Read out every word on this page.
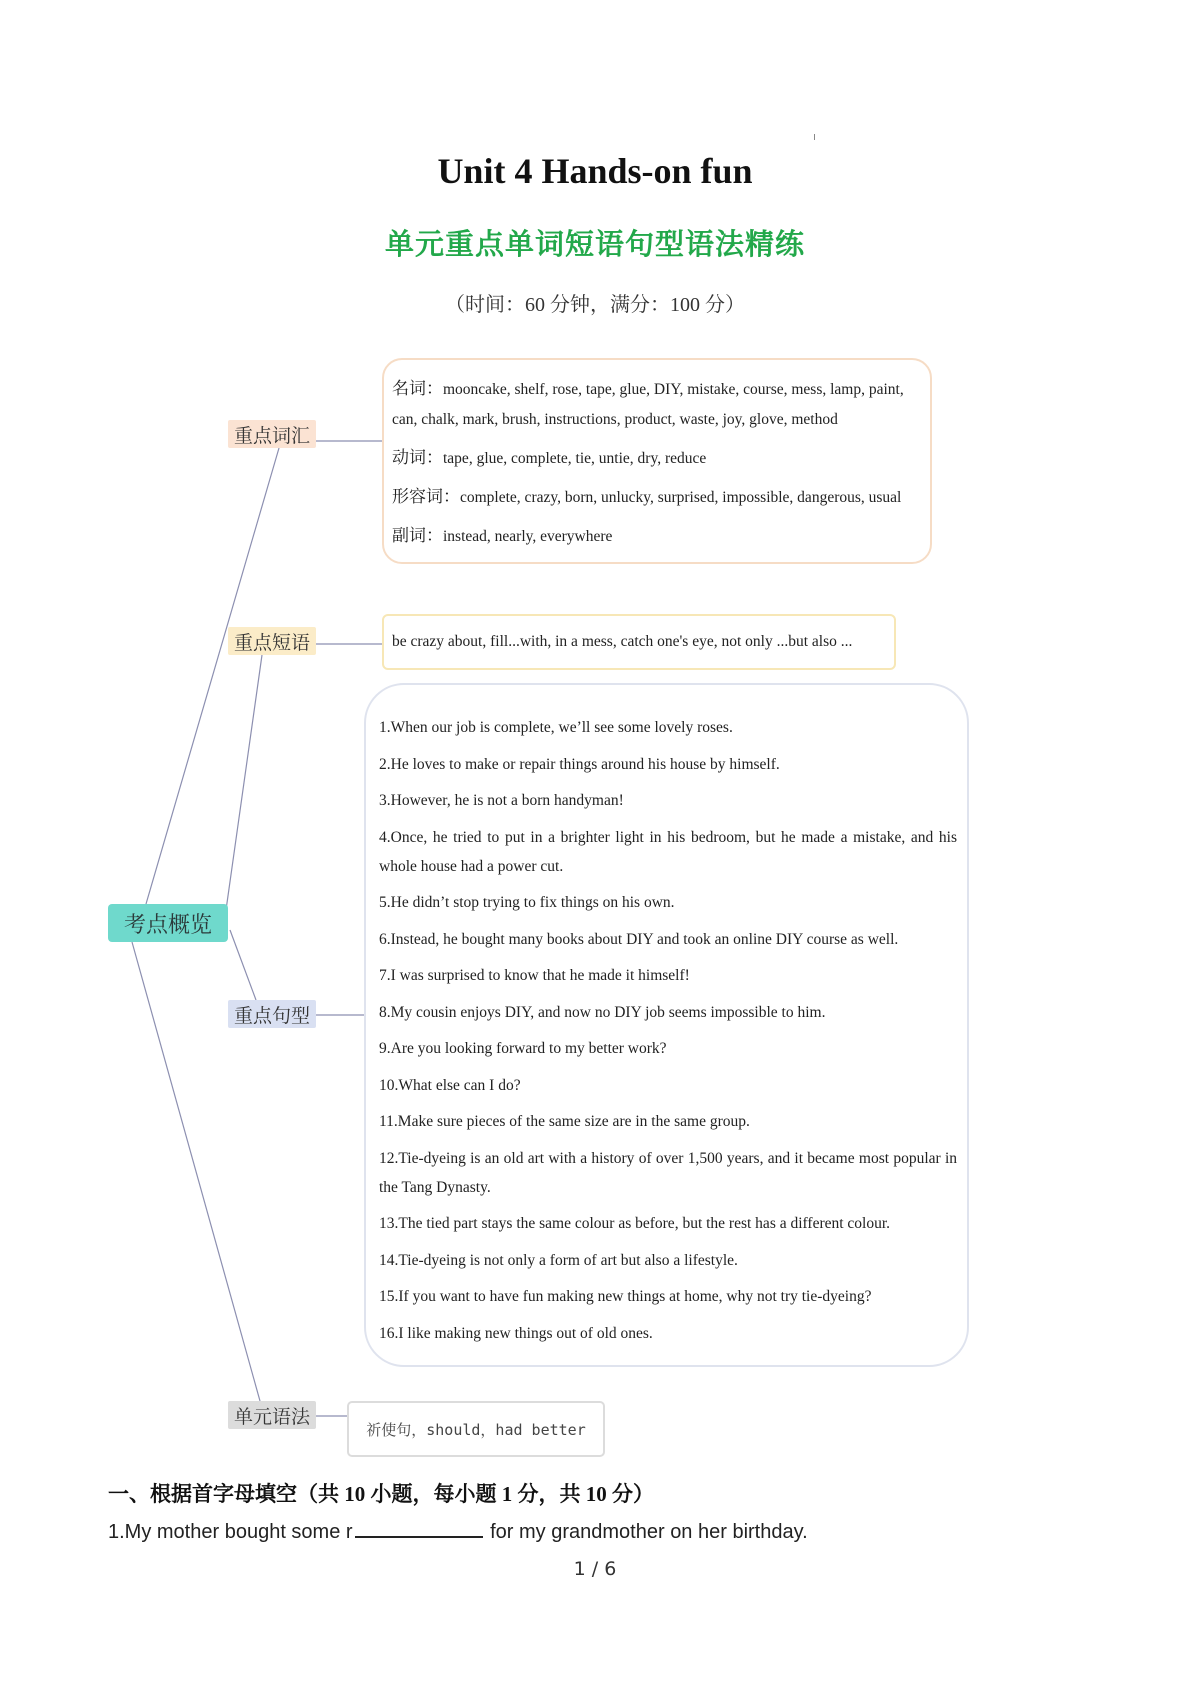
Unit 4 Hands-on fun
单元重点单词短语句型语法精练
（时间：60 分钟，满分：100 分）
考点概览
重点词汇
重点短语
重点句型
单元语法
名词：mooncake, shelf, rose, tape, glue, DIY, mistake, course, mess, lamp, paint,
can, chalk, mark, brush, instructions, product, waste, joy, glove, method
动词：tape, glue, complete, tie, untie, dry, reduce
形容词：complete, crazy, born, unlucky, surprised, impossible, dangerous, usual
副词：instead, nearly, everywhere
be crazy about, fill...with, in a mess, catch one's eye, not only ...but also ...
1.When our job is complete, we’ll see some lovely roses.
2.He loves to make or repair things around his house by himself.
3.However, he is not a born handyman!
4.Once, he tried to put in a brighter light in his bedroom, but he made a mistake, and his whole house had a power cut.
5.He didn’t stop trying to fix things on his own.
6.Instead, he bought many books about DIY and took an online DIY course as well.
7.I was surprised to know that he made it himself!
8.My cousin enjoys DIY, and now no DIY job seems impossible to him.
9.Are you looking forward to my better work?
10.What else can I do?
11.Make sure pieces of the same size are in the same group.
12.Tie-dyeing is an old art with a history of over 1,500 years, and it became most popular in the Tang Dynasty.
13.The tied part stays the same colour as before, but the rest has a different colour.
14.Tie-dyeing is not only a form of art but also a lifestyle.
15.If you want to have fun making new things at home, why not try tie-dyeing?
16.I like making new things out of old ones.
祈使句，should，had better
一、根据首字母填空（共 10 小题，每小题 1 分，共 10 分）
1.My mother bought some r	for my grandmother on her birthday.
1 / 6
